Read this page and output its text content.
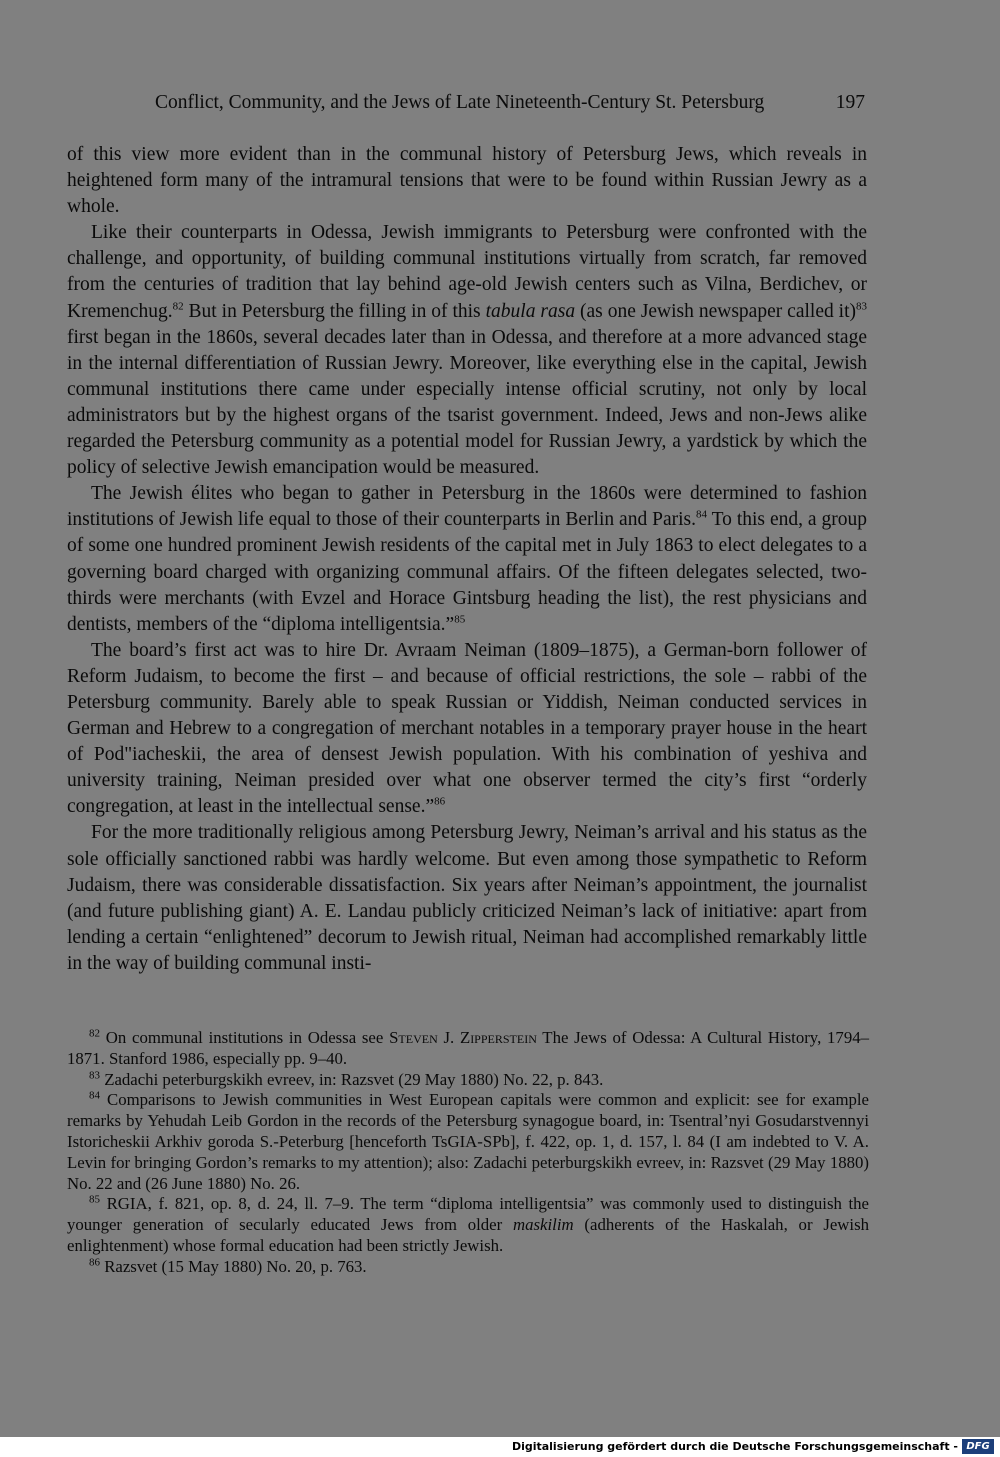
Conflict, Community, and the Jews of Late Nineteenth-Century St. Petersburg	197

of this view more evident than in the communal history of Petersburg Jews, which reveals in heightened form many of the intramural tensions that were to be found within Russian Jewry as a whole.

Like their counterparts in Odessa, Jewish immigrants to Petersburg were confronted with the challenge, and opportunity, of building communal institutions virtually from scratch, far removed from the centuries of tradition that lay behind age-old Jewish centers such as Vilna, Berdichev, or Kremenchug.$^{82}$ But in Petersburg the filling in of this tabula rasa (as one Jewish newspaper called it)$^{83}$ first began in the 1860s, several decades later than in Odessa, and therefore at a more advanced stage in the internal differentiation of Russian Jewry. Moreover, like everything else in the capital, Jewish communal institutions there came under especially intense official scrutiny, not only by local administrators but by the highest organs of the tsarist government. Indeed, Jews and non-Jews alike regarded the Petersburg community as a potential model for Russian Jewry, a yardstick by which the policy of selective Jewish emancipation would be measured.

The Jewish élites who began to gather in Petersburg in the 1860s were determined to fashion institutions of Jewish life equal to those of their counterparts in Berlin and Paris.$^{84}$ To this end, a group of some one hundred prominent Jewish residents of the capital met in July 1863 to elect delegates to a governing board charged with organizing communal affairs. Of the fifteen delegates selected, two-thirds were merchants (with Evzel and Horace Gintsburg heading the list), the rest physicians and dentists, members of the “diploma intelligentsia.”$^{85}$

The board’s first act was to hire Dr. Avraam Neiman (1809–1875), a German-born follower of Reform Judaism, to become the first – and because of official restrictions, the sole – rabbi of the Petersburg community. Barely able to speak Russian or Yiddish, Neiman conducted services in German and Hebrew to a congregation of merchant notables in a temporary prayer house in the heart of Pod"iacheskii, the area of densest Jewish population. With his combination of yeshiva and university training, Neiman presided over what one observer termed the city’s first “orderly congregation, at least in the intellectual sense.”$^{86}$

For the more traditionally religious among Petersburg Jewry, Neiman’s arrival and his status as the sole officially sanctioned rabbi was hardly welcome. But even among those sympathetic to Reform Judaism, there was considerable dissatisfaction. Six years after Neiman’s appointment, the journalist (and future publishing giant) A. E. Landau publicly criticized Neiman’s lack of initiative: apart from lending a certain “enlightened” decorum to Jewish ritual, Neiman had accomplished remarkably little in the way of building communal insti-

$^{82}$ On communal institutions in Odessa see Steven J. Zipperstein The Jews of Odessa: A Cultural History, 1794–1871. Stanford 1986, especially pp. 9–40.

$^{83}$ Zadachi peterburgskikh evreev, in: Razsvet (29 May 1880) No. 22, p. 843.

$^{84}$ Comparisons to Jewish communities in West European capitals were common and explicit: see for example remarks by Yehudah Leib Gordon in the records of the Petersburg synagogue board, in: Tsentral’nyi Gosudarstvennyi Istoricheskii Arkhiv goroda S.-Peterburg [henceforth TsGIA-SPb], f. 422, op. 1, d. 157, l. 84 (I am indebted to V. A. Levin for bringing Gordon’s remarks to my attention); also: Zadachi peterburgskikh evreev, in: Razsvet (29 May 1880) No. 22 and (26 June 1880) No. 26.

$^{85}$ RGIA, f. 821, op. 8, d. 24, ll. 7–9. The term “diploma intelligentsia” was commonly used to distinguish the younger generation of secularly educated Jews from older maskilim (adherents of the Haskalah, or Jewish enlightenment) whose formal education had been strictly Jewish.

$^{86}$ Razsvet (15 May 1880) No. 20, p. 763.

Digitalisierung gefördert durch die Deutsche Forschungsgemeinschaft - DFG
